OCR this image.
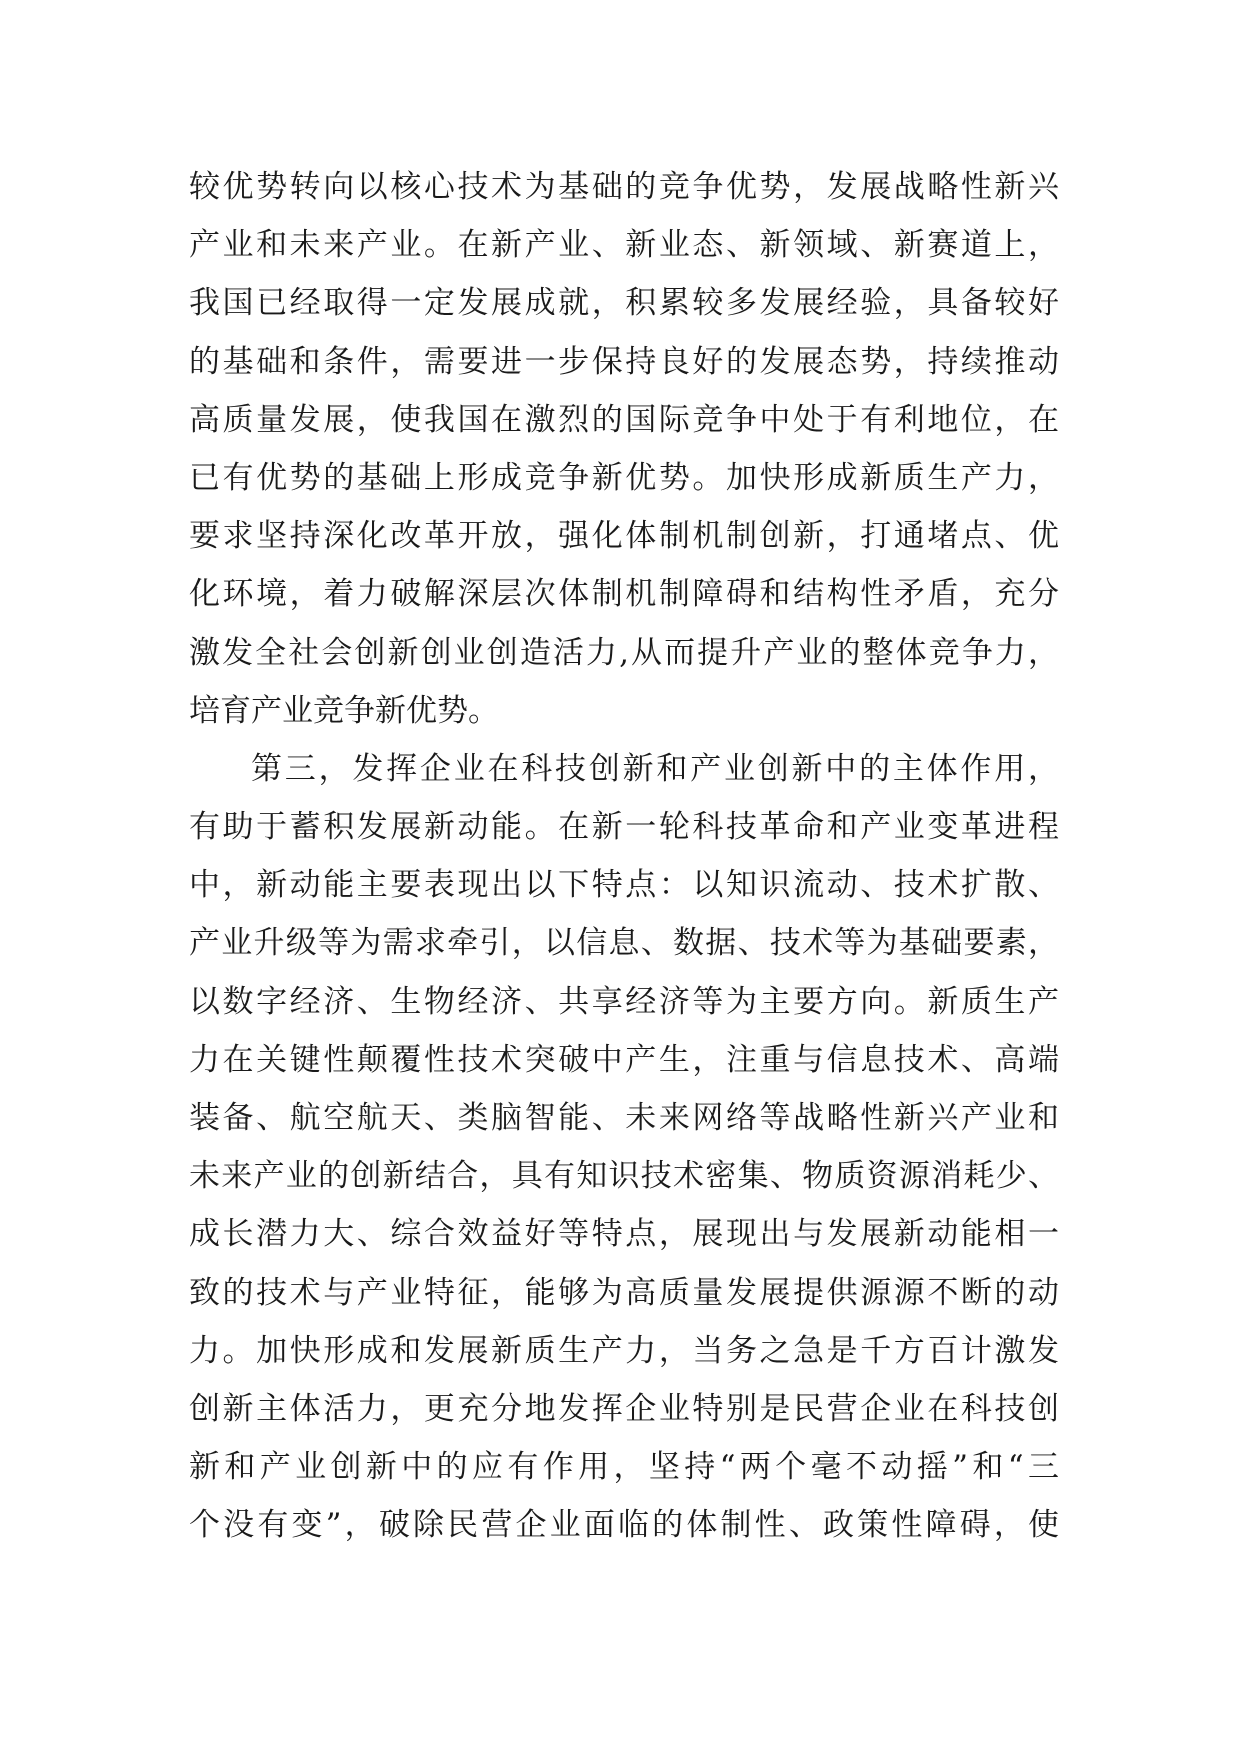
较优势转向以核心技术为基础的竞争优势，发展战略性新兴
产业和未来产业。在新产业、新业态、新领域、新赛道上，
我国已经取得一定发展成就，积累较多发展经验，具备较好
的基础和条件，需要进一步保持良好的发展态势，持续推动
高质量发展，使我国在激烈的国际竞争中处于有利地位，在
已有优势的基础上形成竞争新优势。加快形成新质生产力，
要求坚持深化改革开放，强化体制机制创新，打通堵点、优
化环境，着力破解深层次体制机制障碍和结构性矛盾，充分
激发全社会创新创业创造活力,从而提升产业的整体竞争力，
培育产业竞争新优势。
第三，发挥企业在科技创新和产业创新中的主体作用，
有助于蓄积发展新动能。在新一轮科技革命和产业变革进程
中，新动能主要表现出以下特点：以知识流动、技术扩散、
产业升级等为需求牵引，以信息、数据、技术等为基础要素，
以数字经济、生物经济、共享经济等为主要方向。新质生产
力在关键性颠覆性技术突破中产生，注重与信息技术、高端
装备、航空航天、类脑智能、未来网络等战略性新兴产业和
未来产业的创新结合，具有知识技术密集、物质资源消耗少、
成长潜力大、综合效益好等特点，展现出与发展新动能相一
致的技术与产业特征，能够为高质量发展提供源源不断的动
力。加快形成和发展新质生产力，当务之急是千方百计激发
创新主体活力，更充分地发挥企业特别是民营企业在科技创
新和产业创新中的应有作用，坚持“两个毫不动摇”和“三
个没有变”，破除民营企业面临的体制性、政策性障碍，使
